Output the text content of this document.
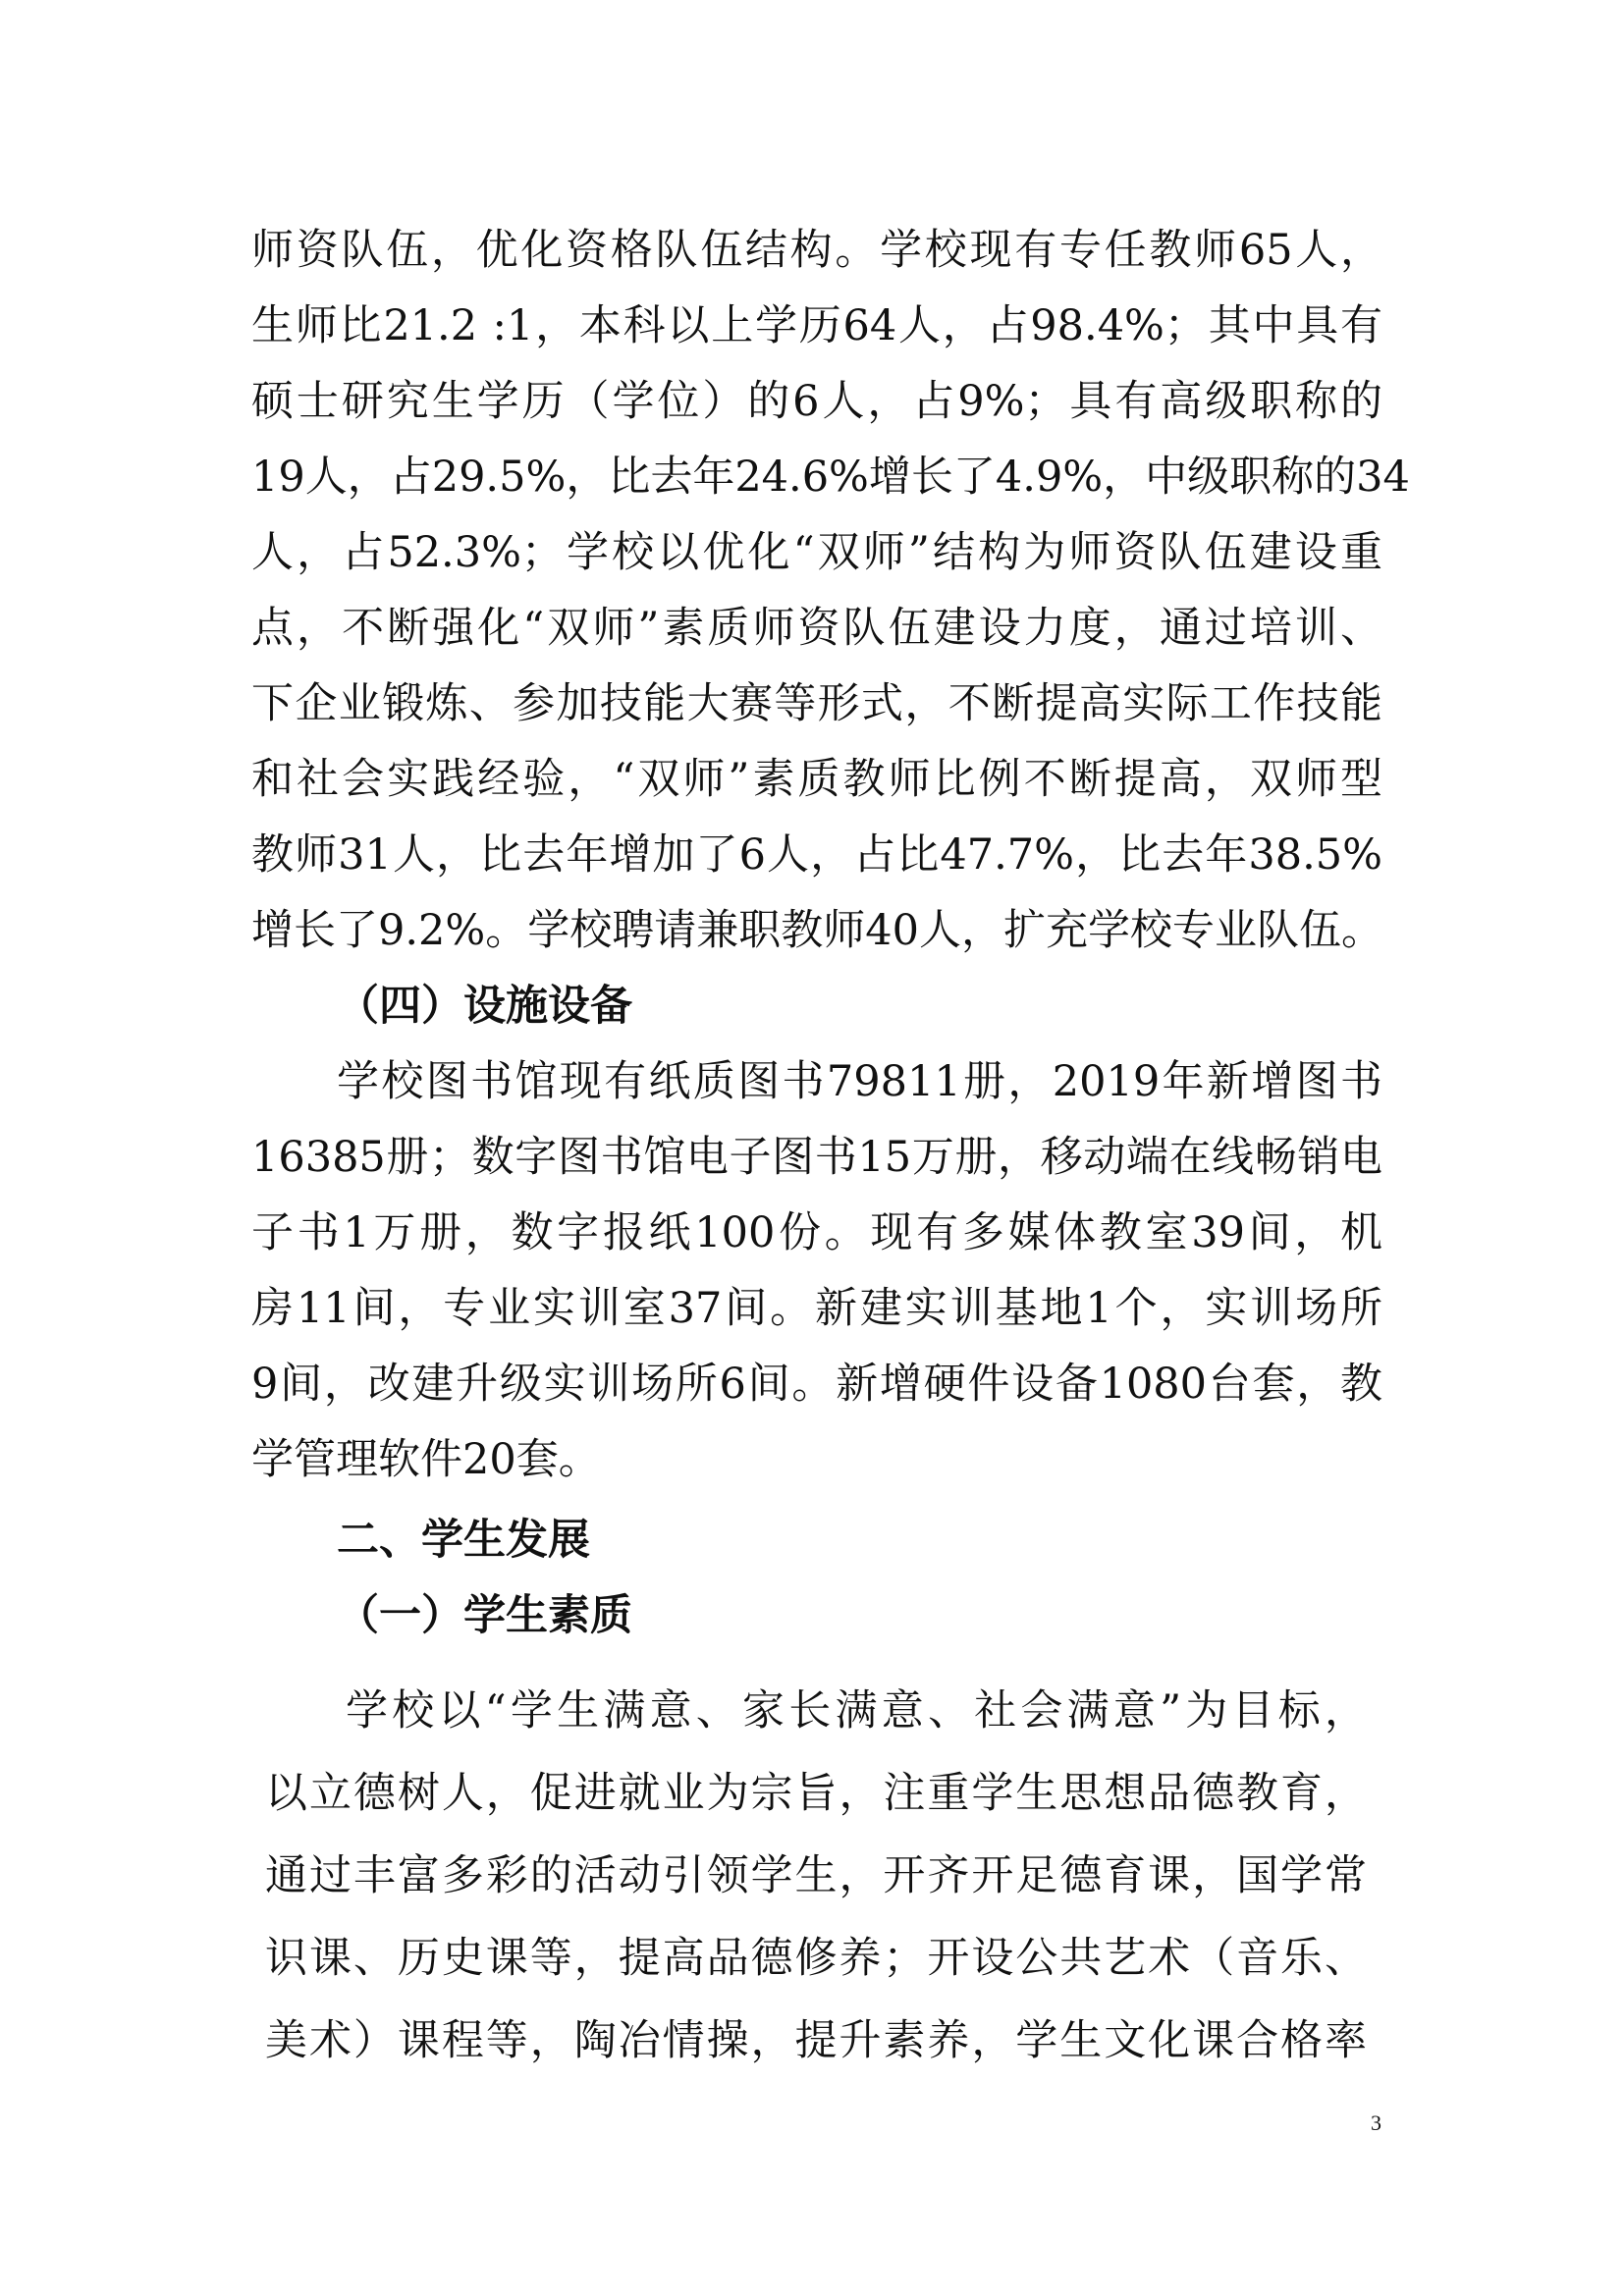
师资队伍，优化资格队伍结构。学校现有专任教师65人，
生师比21.2 :1，本科以上学历64人，占98.4%；其中具有
硕士研究生学历（学位）的6人，占9%；具有高级职称的
19人，占29.5%，比去年24.6%增长了4.9%，中级职称的34
人，占52.3%；学校以优化“双师”结构为师资队伍建设重
点，不断强化“双师”素质师资队伍建设力度，通过培训、
下企业锻炼、参加技能大赛等形式，不断提高实际工作技能
和社会实践经验，“双师”素质教师比例不断提高，双师型
教师31人，比去年增加了6人，占比47.7%，比去年38.5%
增长了9.2%。学校聘请兼职教师40人，扩充学校专业队伍。
（四）设施设备
学校图书馆现有纸质图书79811册，2019年新增图书
16385册；数字图书馆电子图书15万册，移动端在线畅销电
子书1万册，数字报纸100份。现有多媒体教室39间，机
房11间，专业实训室37间。新建实训基地1个，实训场所
9间，改建升级实训场所6间。新增硬件设备1080台套，教
学管理软件20套。
二、学生发展
（一）学生素质
学校以“学生满意、家长满意、社会满意”为目标，
以立德树人，促进就业为宗旨，注重学生思想品德教育，
通过丰富多彩的活动引领学生，开齐开足德育课，国学常
识课、历史课等，提高品德修养；开设公共艺术（音乐、
美术）课程等，陶冶情操，提升素养，学生文化课合格率
3
